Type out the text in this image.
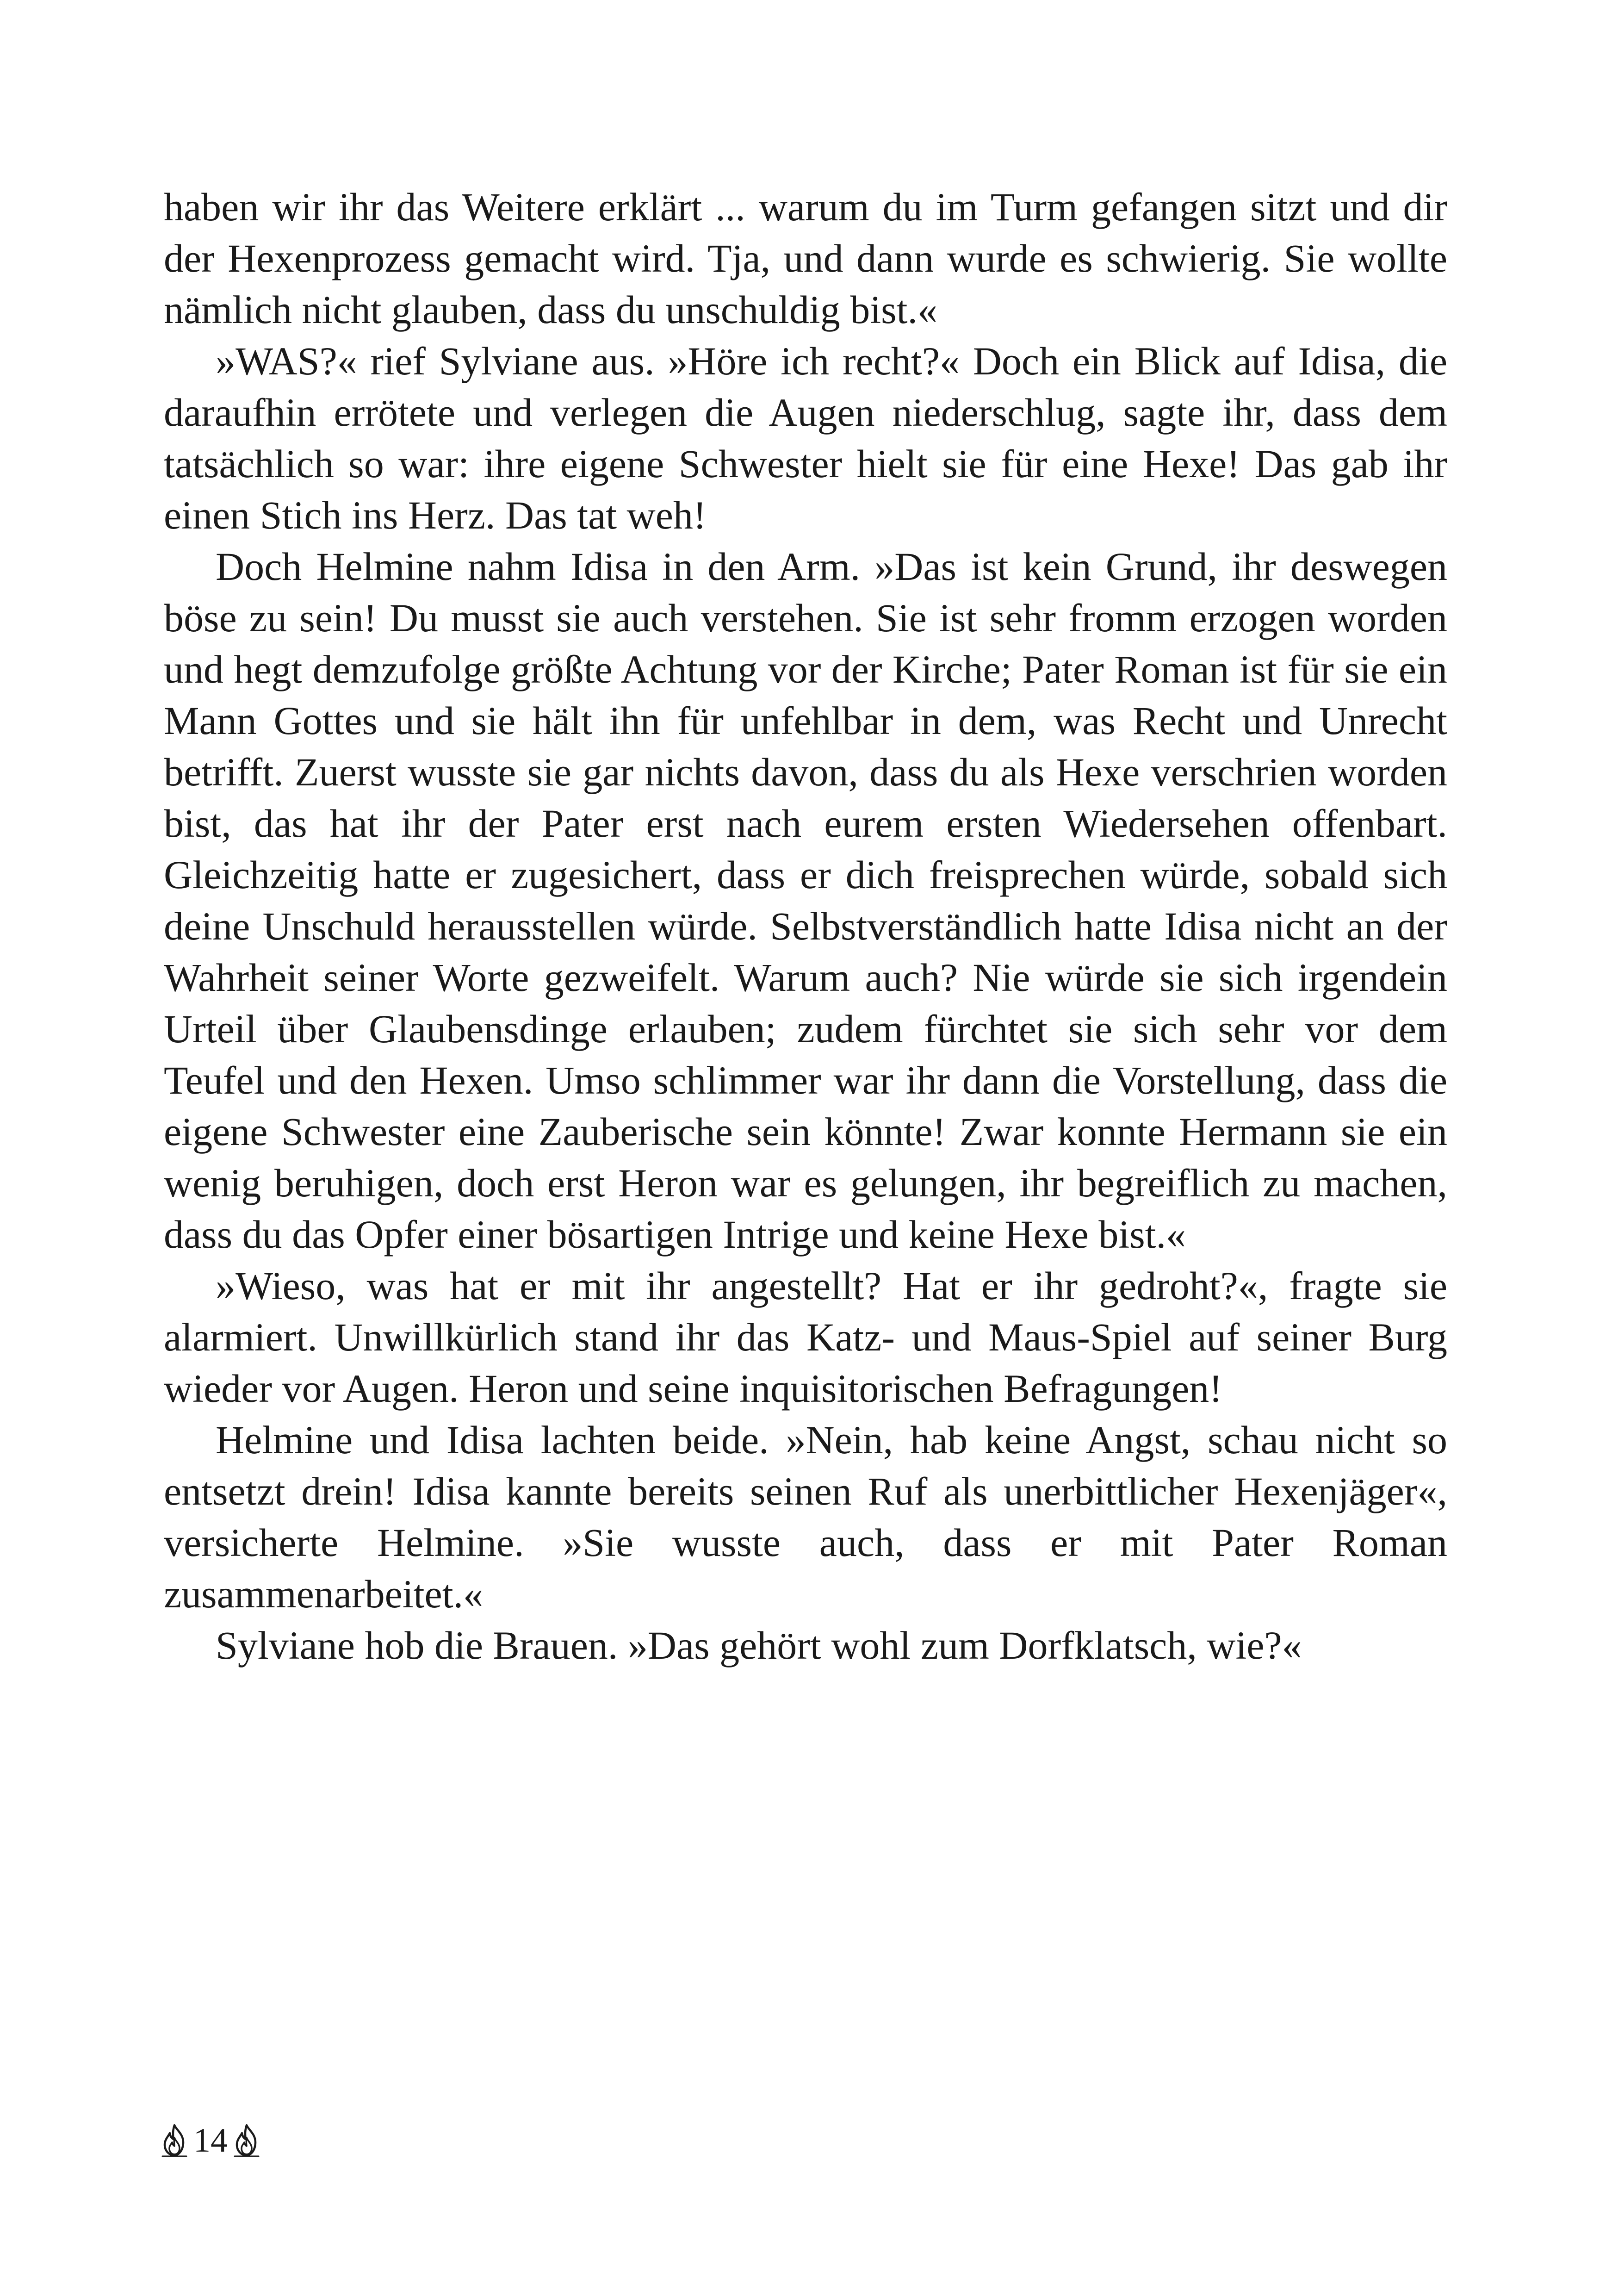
haben wir ihr das Weitere erklärt ... warum du im Turm gefangen sitzt und dir der Hexenprozess gemacht wird. Tja, und dann wurde es schwierig. Sie wollte nämlich nicht glauben, dass du unschuldig bist.«

»WAS?« rief Sylviane aus. »Höre ich recht?« Doch ein Blick auf Idisa, die daraufhin errötete und verlegen die Augen niederschlug, sagte ihr, dass dem tatsächlich so war: ihre eigene Schwester hielt sie für eine Hexe! Das gab ihr einen Stich ins Herz. Das tat weh!

Doch Helmine nahm Idisa in den Arm. »Das ist kein Grund, ihr deswegen böse zu sein! Du musst sie auch verstehen. Sie ist sehr fromm erzogen worden und hegt demzufolge größte Achtung vor der Kirche; Pater Roman ist für sie ein Mann Gottes und sie hält ihn für unfehlbar in dem, was Recht und Unrecht betrifft. Zuerst wusste sie gar nichts davon, dass du als Hexe verschrien worden bist, das hat ihr der Pater erst nach eurem ersten Wiedersehen offenbart. Gleichzeitig hatte er zugesichert, dass er dich freisprechen würde, sobald sich deine Unschuld herausstellen würde. Selbstverständlich hatte Idisa nicht an der Wahrheit seiner Worte gezweifelt. Warum auch? Nie würde sie sich irgendein Urteil über Glaubensdinge erlauben; zudem fürchtet sie sich sehr vor dem Teufel und den Hexen. Umso schlimmer war ihr dann die Vorstellung, dass die eigene Schwester eine Zauberische sein könnte! Zwar konnte Hermann sie ein wenig beruhigen, doch erst Heron war es gelungen, ihr begreiflich zu machen, dass du das Opfer einer bösartigen Intrige und keine Hexe bist.«

»Wieso, was hat er mit ihr angestellt? Hat er ihr gedroht?«, fragte sie alarmiert. Unwillkürlich stand ihr das Katz- und Maus-Spiel auf seiner Burg wieder vor Augen. Heron und seine inquisitorischen Befragungen!

Helmine und Idisa lachten beide. »Nein, hab keine Angst, schau nicht so entsetzt drein! Idisa kannte bereits seinen Ruf als unerbittlicher Hexenjäger«, versicherte Helmine. »Sie wusste auch, dass er mit Pater Roman zusammenarbeitet.«

Sylviane hob die Brauen. »Das gehört wohl zum Dorfklatsch, wie?«

14
